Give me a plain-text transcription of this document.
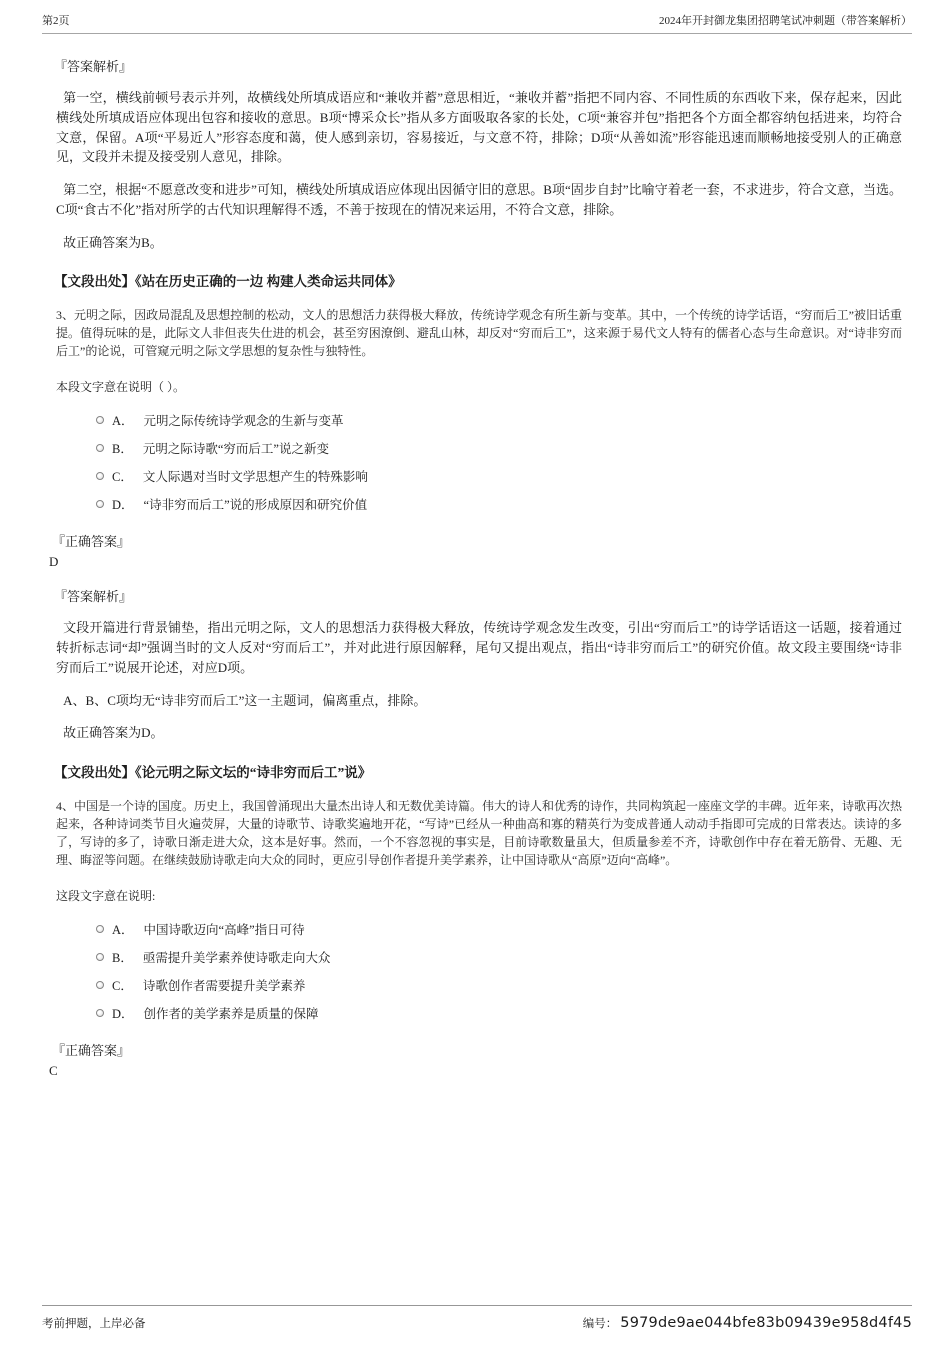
第2页	2024年开封御龙集团招聘笔试冲刺题（带答案解析）

『答案解析』

第一空，横线前顿号表示并列，故横线处所填成语应和“兼收并蓄”意思相近，“兼收并蓄”指把不同内容、不同性质的东西收下来，保存起来，因此横线处所填成语应体现出包容和接收的意思。B项“博采众长”指从多方面吸取各家的长处，C项“兼容并包”指把各个方面全都容纳包括进来，均符合文意，保留。A项“平易近人”形容态度和蔼，使人感到亲切，容易接近，与文意不符，排除；D项“从善如流”形容能迅速而顺畅地接受别人的正确意见，文段并未提及接受别人意见，排除。

第二空，根据“不愿意改变和进步”可知，横线处所填成语应体现出因循守旧的意思。B项“固步自封”比喻守着老一套，不求进步，符合文意，当选。C项“食古不化”指对所学的古代知识理解得不透，不善于按现在的情况来运用，不符合文意，排除。

故正确答案为B。

【文段出处】《站在历史正确的一边 构建人类命运共同体》

3、元明之际，因政局混乱及思想控制的松动，文人的思想活力获得极大释放，传统诗学观念有所生新与变革。其中，一个传统的诗学话语，“穷而后工”被旧话重提。值得玩味的是，此际文人非但丧失仕进的机会，甚至穷困潦倒、避乱山林，却反对“穷而后工”，这来源于易代文人特有的儒者心态与生命意识。对“诗非穷而后工”的论说，可管窥元明之际文学思想的复杂性与独特性。

本段文字意在说明（ ）。

A． 元明之际传统诗学观念的生新与变革
B． 元明之际诗歌“穷而后工”说之新变
C． 文人际遇对当时文学思想产生的特殊影响
D． “诗非穷而后工”说的形成原因和研究价值

『正确答案』

D

『答案解析』

文段开篇进行背景铺垫，指出元明之际，文人的思想活力获得极大释放，传统诗学观念发生改变，引出“穷而后工”的诗学话语这一话题，接着通过转折标志词“却”强调当时的文人反对“穷而后工”，并对此进行原因解释，尾句又提出观点，指出“诗非穷而后工”的研究价值。故文段主要围绕“诗非穷而后工”说展开论述，对应D项。

A、B、C项均无“诗非穷而后工”这一主题词，偏离重点，排除。

故正确答案为D。

【文段出处】《论元明之际文坛的“诗非穷而后工”说》

4、中国是一个诗的国度。历史上，我国曾涌现出大量杰出诗人和无数优美诗篇。伟大的诗人和优秀的诗作，共同构筑起一座座文学的丰碑。近年来，诗歌再次热起来，各种诗词类节目火遍荧屏，大量的诗歌节、诗歌奖遍地开花，“写诗”已经从一种曲高和寡的精英行为变成普通人动动手指即可完成的日常表达。读诗的多了，写诗的多了，诗歌日渐走进大众，这本是好事。然而，一个不容忽视的事实是，目前诗歌数量虽大，但质量参差不齐，诗歌创作中存在着无筋骨、无趣、无理、晦涩等问题。在继续鼓励诗歌走向大众的同时，更应引导创作者提升美学素养，让中国诗歌从“高原”迈向“高峰”。

这段文字意在说明:

A． 中国诗歌迈向“高峰”指日可待
B． 亟需提升美学素养使诗歌走向大众
C． 诗歌创作者需要提升美学素养
D． 创作者的美学素养是质量的保障

『正确答案』

C

考前押题，上岸必备	编号： 5979de9ae044bfe83b09439e958d4f45
